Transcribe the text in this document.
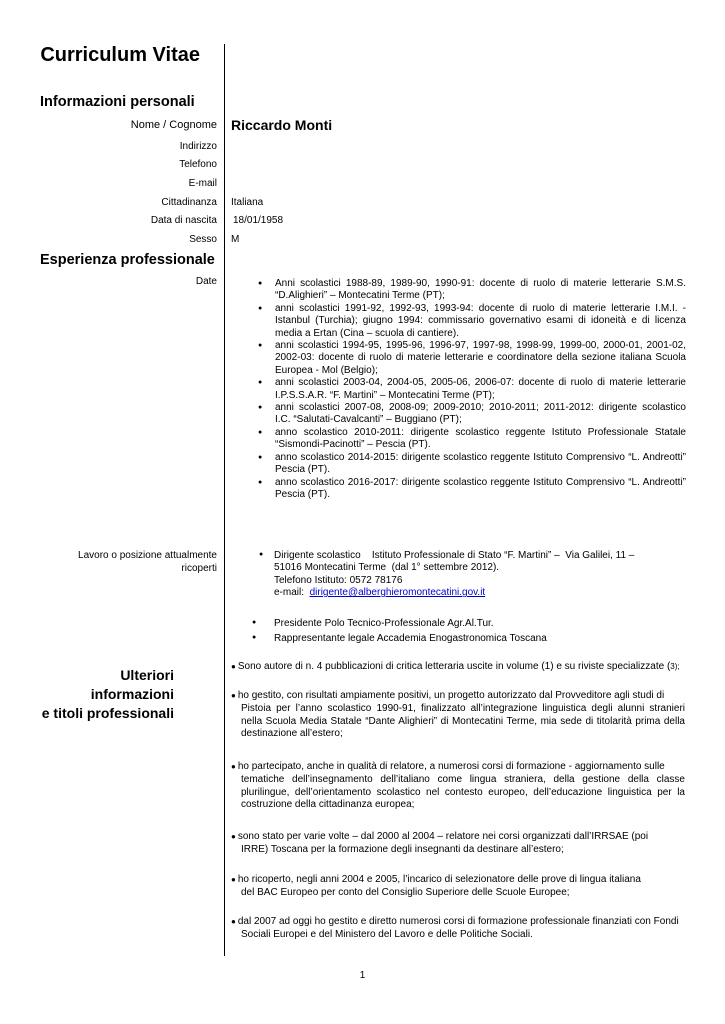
Curriculum Vitae
Informazioni personali
Nome / Cognome Riccardo Monti
Indirizzo
Telefono
E-mail
Cittadinanza Italiana
Data di nascita 18/01/1958
Sesso M
Esperienza professionale
Date
●	Anni scolastici 1988-89, 1989-90, 1990-91: docente di ruolo di materie letterarie S.M.S. “D.Alighieri” – Montecatini Terme (PT);
● anni scolastici 1991-92, 1992-93, 1993-94: docente di ruolo di materie letterarie I.M.I. - Istanbul (Turchia); giugno 1994: commissario governativo esami di idoneità e di licenza media a Ertan (Cina – scuola di cantiere).
● anni scolastici 1994-95, 1995-96, 1996-97, 1997-98, 1998-99, 1999-00, 2000-01, 2001-02, 2002-03: docente di ruolo di materie letterarie e coordinatore della sezione italiana Scuola Europea - Mol (Belgio);
● anni scolastici 2003-04, 2004-05, 2005-06, 2006-07: docente di ruolo di materie letterarie I.P.S.S.A.R. “F. Martini” – Montecatini Terme (PT);
● anni scolastici 2007-08, 2008-09; 2009-2010; 2010-2011; 2011-2012: dirigente scolastico I.C. “Salutati-Cavalcanti” – Buggiano (PT);
● anno scolastico 2010-2011: dirigente scolastico reggente Istituto Professionale Statale “Sismondi-Pacinotti” – Pescia (PT).
● anno scolastico 2014-2015: dirigente scolastico reggente Istituto Comprensivo “L. Andreotti” Pescia (PT).
● anno scolastico 2016-2017: dirigente scolastico reggente Istituto Comprensivo “L. Andreotti” Pescia (PT).
Lavoro o posizione attualmente ricoperti
● Dirigente scolastico    Istituto Professionale di Stato “F. Martini” –  Via Galilei, 11 –
51016 Montecatini Terme  (dal 1° settembre 2012).
Telefono Istituto: 0572 78176
e-mail: dirigente@alberghieromontecatini.gov.it
● Presidente Polo Tecnico-Professionale Agr.Al.Tur.
● Rappresentante legale Accademia Enogastronomica Toscana
Ulteriori informazioni
e titoli professionali
● Sono autore di n. 4 pubblicazioni di critica letteraria uscite in volume (1) e su riviste specializzate (3);
● ho gestito, con risultati ampiamente positivi, un progetto autorizzato dal Provveditore agli studi di
Pistoia per l’anno scolastico 1990-91, finalizzato all’integrazione linguistica degli alunni stranieri nella Scuola Media Statale “Dante Alighieri” di Montecatini Terme, mia sede di titolarità prima della destinazione all’estero;
● ho partecipato, anche in qualità di relatore, a numerosi corsi di formazione - aggiornamento sulle
tematiche dell’insegnamento dell’italiano come lingua straniera, della gestione della classe plurilingue, dell’orientamento scolastico nel contesto europeo, dell’educazione linguistica per la costruzione della cittadinanza europea;
● sono stato per varie volte – dal 2000 al 2004 – relatore nei corsi organizzati dall’IRRSAE (poi
IRRE) Toscana per la formazione degli insegnanti da destinare all’estero;
● ho ricoperto, negli anni 2004 e 2005, l’incarico di selezionatore delle prove di lingua italiana
del BAC Europeo per conto del Consiglio Superiore delle Scuole Europee;
● dal 2007 ad oggi ho gestito e diretto numerosi corsi di formazione professionale finanziati con Fondi
Sociali Europei e del Ministero del Lavoro e delle Politiche Sociali.
1
